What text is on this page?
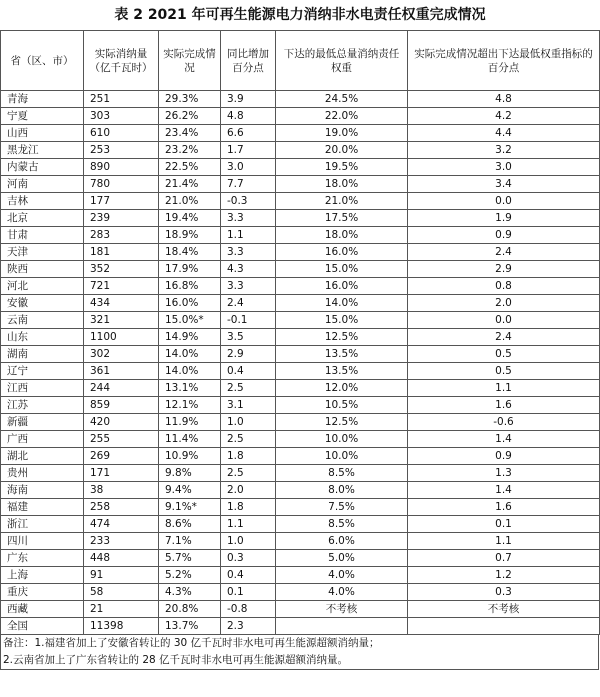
表 2 2021 年可再生能源电力消纳非水电责任权重完成情况
省（区、市）	实际消纳量（亿千瓦时）	实际完成情况	同比增加百分点	下达的最低总量消纳责任权重	实际完成情况超出下达最低权重指标的百分点
青海	251	29.3%	3.9	24.5%	4.8
宁夏	303	26.2%	4.8	22.0%	4.2
山西	610	23.4%	6.6	19.0%	4.4
黑龙江	253	23.2%	1.7	20.0%	3.2
内蒙古	890	22.5%	3.0	19.5%	3.0
河南	780	21.4%	7.7	18.0%	3.4
吉林	177	21.0%	-0.3	21.0%	0.0
北京	239	19.4%	3.3	17.5%	1.9
甘肃	283	18.9%	1.1	18.0%	0.9
天津	181	18.4%	3.3	16.0%	2.4
陕西	352	17.9%	4.3	15.0%	2.9
河北	721	16.8%	3.3	16.0%	0.8
安徽	434	16.0%	2.4	14.0%	2.0
云南	321	15.0%*	-0.1	15.0%	0.0
山东	1100	14.9%	3.5	12.5%	2.4
湖南	302	14.0%	2.9	13.5%	0.5
辽宁	361	14.0%	0.4	13.5%	0.5
江西	244	13.1%	2.5	12.0%	1.1
江苏	859	12.1%	3.1	10.5%	1.6
新疆	420	11.9%	1.0	12.5%	-0.6
广西	255	11.4%	2.5	10.0%	1.4
湖北	269	10.9%	1.8	10.0%	0.9
贵州	171	9.8%	2.5	8.5%	1.3
海南	38	9.4%	2.0	8.0%	1.4
福建	258	9.1%*	1.8	7.5%	1.6
浙江	474	8.6%	1.1	8.5%	0.1
四川	233	7.1%	1.0	6.0%	1.1
广东	448	5.7%	0.3	5.0%	0.7
上海	91	5.2%	0.4	4.0%	1.2
重庆	58	4.3%	0.1	4.0%	0.3
西藏	21	20.8%	-0.8	不考核	不考核
全国	11398	13.7%	2.3		
备注：1.福建省加上了安徽省转让的 30 亿千瓦时非水电可再生能源超额消纳量；
2.云南省加上了广东省转让的 28 亿千瓦时非水电可再生能源超额消纳量。
